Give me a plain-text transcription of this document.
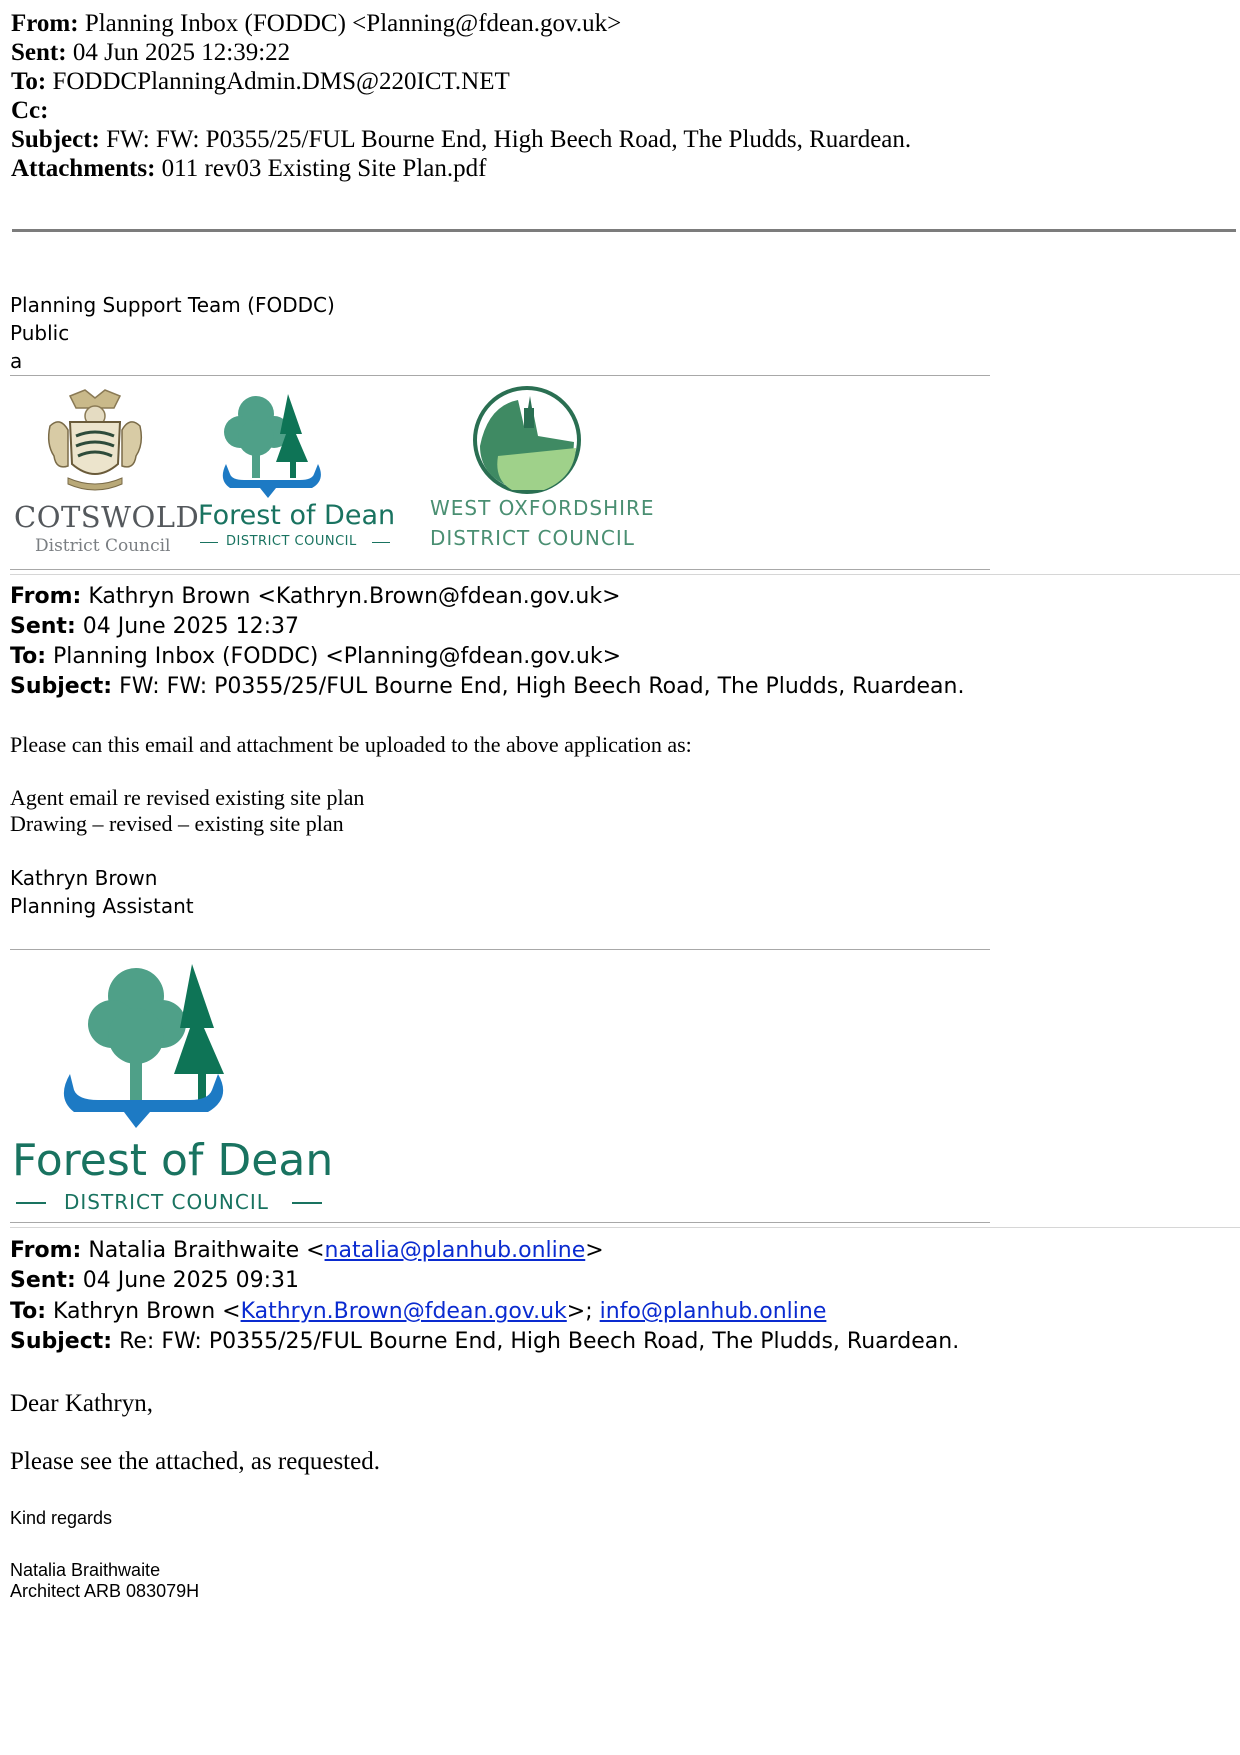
From: Planning Inbox (FODDC) <Planning@fdean.gov.uk>
Sent: 04 Jun 2025 12:39:22
To: FODDCPlanningAdmin.DMS@220ICT.NET
Cc:
Subject: FW: FW: P0355/25/FUL Bourne End, High Beech Road, The Pludds, Ruardean.
Attachments: 011 rev03 Existing Site Plan.pdf
Planning Support Team (FODDC)
Public
a
COTSWOLD
District Council
Forest of Dean
DISTRICT COUNCIL
WEST OXFORDSHIRE
DISTRICT COUNCIL
From: Kathryn Brown <Kathryn.Brown@fdean.gov.uk>
Sent: 04 June 2025 12:37
To: Planning Inbox (FODDC) <Planning@fdean.gov.uk>
Subject: FW: FW: P0355/25/FUL Bourne End, High Beech Road, The Pludds, Ruardean.
Please can this email and attachment be uploaded to the above application as:
Agent email re revised existing site plan
Drawing – revised – existing site plan
Kathryn Brown
Planning Assistant
Forest of Dean
DISTRICT COUNCIL
From: Natalia Braithwaite <natalia@planhub.online>
Sent: 04 June 2025 09:31
To: Kathryn Brown <Kathryn.Brown@fdean.gov.uk>; info@planhub.online
Subject: Re: FW: P0355/25/FUL Bourne End, High Beech Road, The Pludds, Ruardean.
Dear Kathryn,
Please see the attached, as requested.
Kind regards
Natalia Braithwaite
Architect ARB 083079H
